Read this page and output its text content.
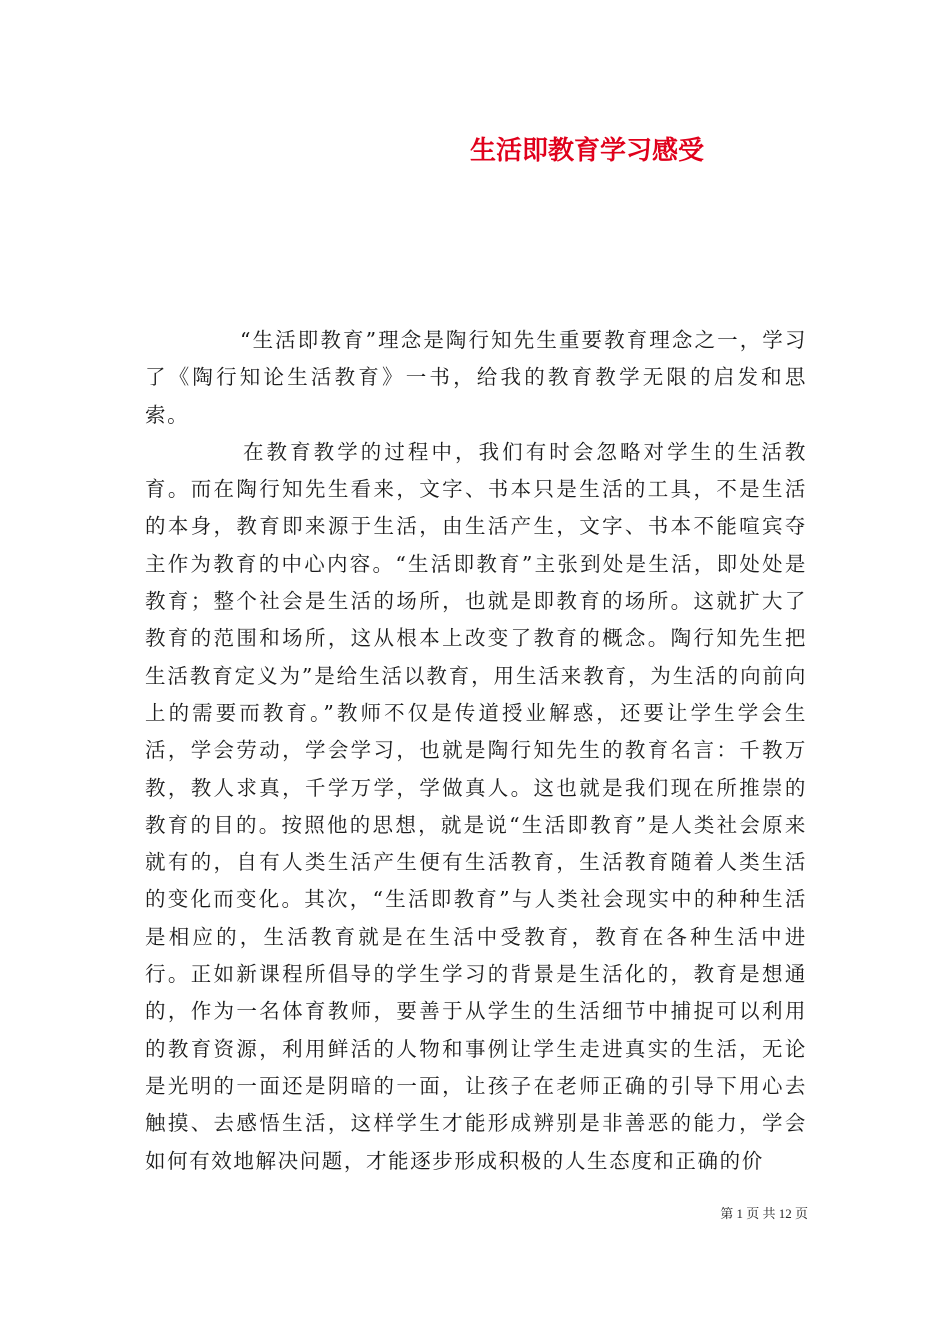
生活即教育学习感受

“生活即教育”理念是陶行知先生重要教育理念之一，学习了《陶行知论生活教育》一书，给我的教育教学无限的启发和思索。

在教育教学的过程中，我们有时会忽略对学生的生活教育。而在陶行知先生看来，文字、书本只是生活的工具，不是生活的本身，教育即来源于生活，由生活产生，文字、书本不能喧宾夺主作为教育的中心内容。“生活即教育”主张到处是生活，即处处是教育；整个社会是生活的场所，也就是即教育的场所。这就扩大了教育的范围和场所，这从根本上改变了教育的概念。陶行知先生把生活教育定义为”是给生活以教育，用生活来教育，为生活的向前向上的需要而教育。”教师不仅是传道授业解惑，还要让学生学会生活，学会劳动，学会学习，也就是陶行知先生的教育名言：千教万教，教人求真，千学万学，学做真人。这也就是我们现在所推崇的教育的目的。按照他的思想，就是说“生活即教育”是人类社会原来就有的，自有人类生活产生便有生活教育，生活教育随着人类生活的变化而变化。其次，“生活即教育”与人类社会现实中的种种生活是相应的，生活教育就是在生活中受教育，教育在各种生活中进行。正如新课程所倡导的学生学习的背景是生活化的，教育是想通的，作为一名体育教师，要善于从学生的生活细节中捕捉可以利用的教育资源，利用鲜活的人物和事例让学生走进真实的生活，无论是光明的一面还是阴暗的一面，让孩子在老师正确的引导下用心去触摸、去感悟生活，这样学生才能形成辨别是非善恶的能力，学会如何有效地解决问题，才能逐步形成积极的人生态度和正确的价

第 1 页 共 12 页
